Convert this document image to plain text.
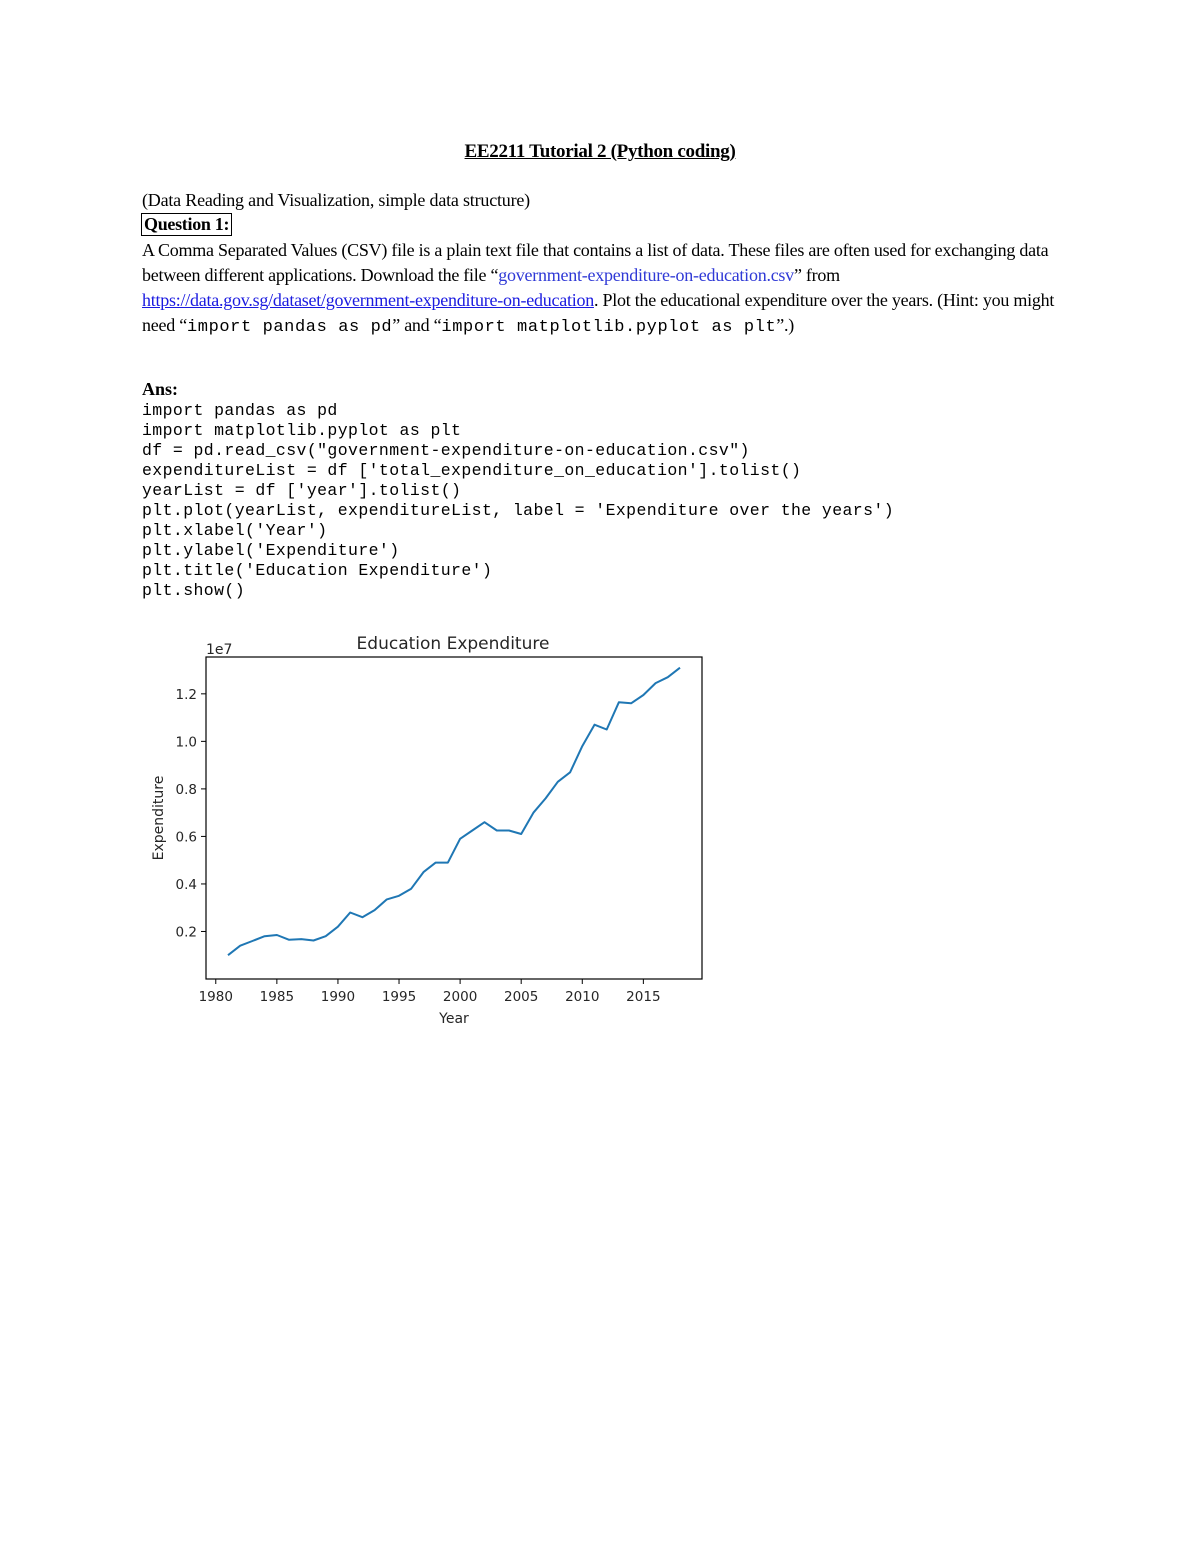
EE2211 Tutorial 2 (Python coding)
(Data Reading and Visualization, simple data structure)
Question 1:
A Comma Separated Values (CSV) file is a plain text file that contains a list of data. These files are often used for exchanging data between different applications. Download the file “government-expenditure-on-education.csv” from https://data.gov.sg/dataset/government-expenditure-on-education. Plot the educational expenditure over the years. (Hint: you might need “import pandas as pd” and “import matplotlib.pyplot as plt”.)
Ans:
import pandas as pd
import matplotlib.pyplot as plt
df = pd.read_csv("government-expenditure-on-education.csv")
expenditureList = df ['total_expenditure_on_education'].tolist()
yearList = df ['year'].tolist()
plt.plot(yearList, expenditureList, label = 'Expenditure over the years')
plt.xlabel('Year')
plt.ylabel('Expenditure')
plt.title('Education Expenditure')
plt.show()
Education Expenditure
1e7
1980 1985 1990 1995 2000 2005 2010 2015
0.2
0.4
0.6
0.8
1.0
1.2
Year
Expenditure
